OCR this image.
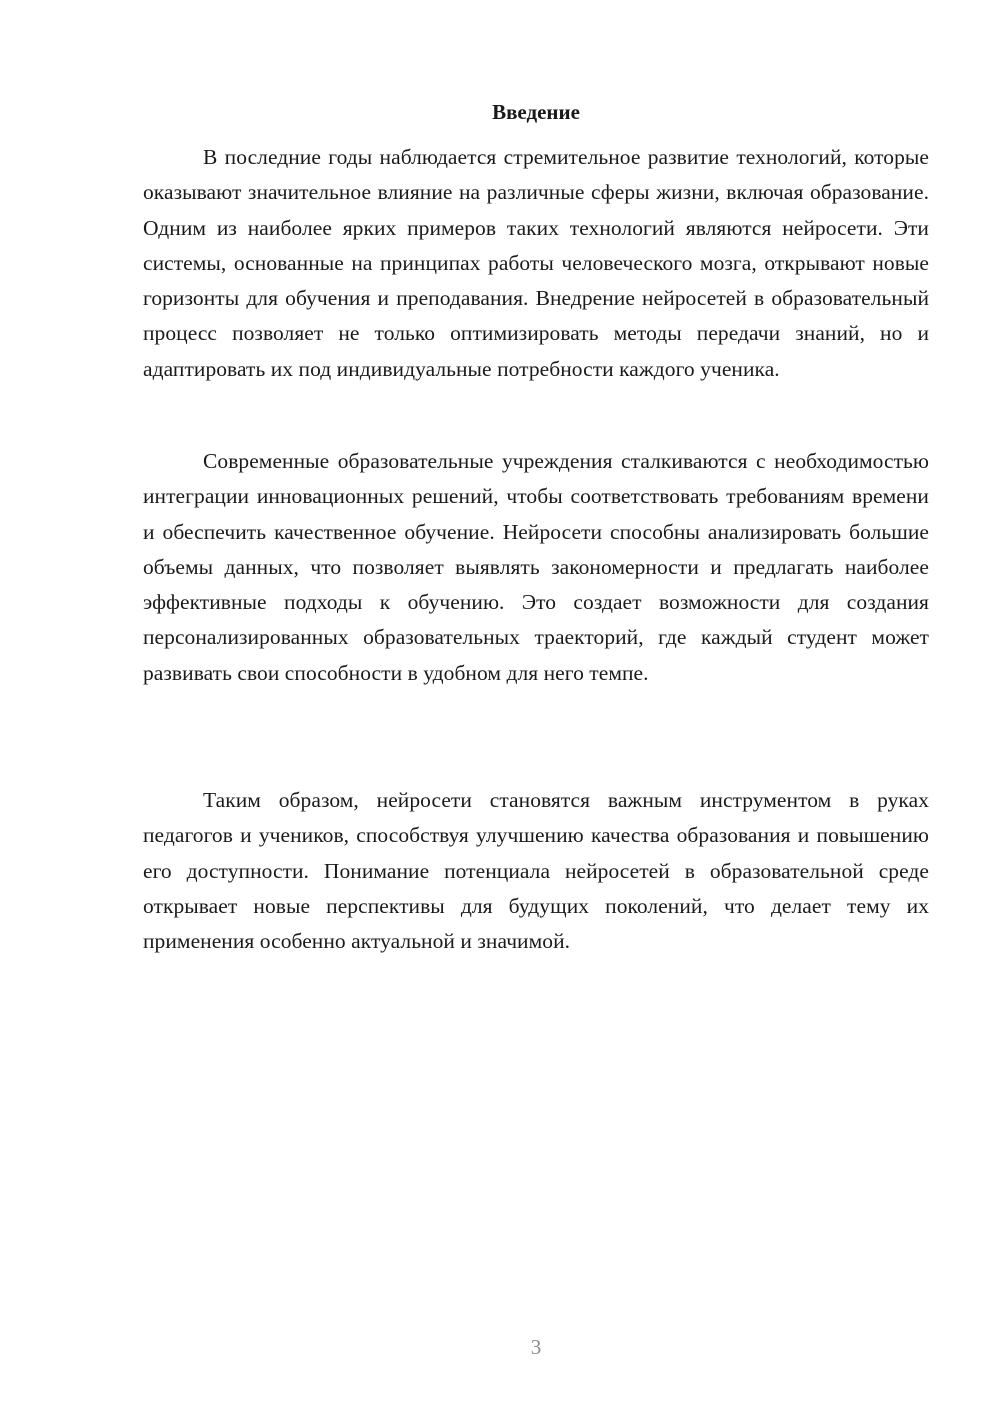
Введение

В последние годы наблюдается стремительное развитие технологий, которые оказывают значительное влияние на различные сферы жизни, включая образование. Одним из наиболее ярких примеров таких технологий являются нейросети. Эти системы, основанные на принципах работы человеческого мозга, открывают новые горизонты для обучения и преподавания. Внедрение нейросетей в образовательный процесс позволяет не только оптимизировать методы передачи знаний, но и адаптировать их под индивидуальные потребности каждого ученика.

Современные образовательные учреждения сталкиваются с необходимостью интеграции инновационных решений, чтобы соответствовать требованиям времени и обеспечить качественное обучение. Нейросети способны анализировать большие объемы данных, что позволяет выявлять закономерности и предлагать наиболее эффективные подходы к обучению. Это создает возможности для создания персонализированных образовательных траекторий, где каждый студент может развивать свои способности в удобном для него темпе.

Таким образом, нейросети становятся важным инструментом в руках педагогов и учеников, способствуя улучшению качества образования и повышению его доступности. Понимание потенциала нейросетей в образовательной среде открывает новые перспективы для будущих поколений, что делает тему их применения особенно актуальной и значимой.

3
